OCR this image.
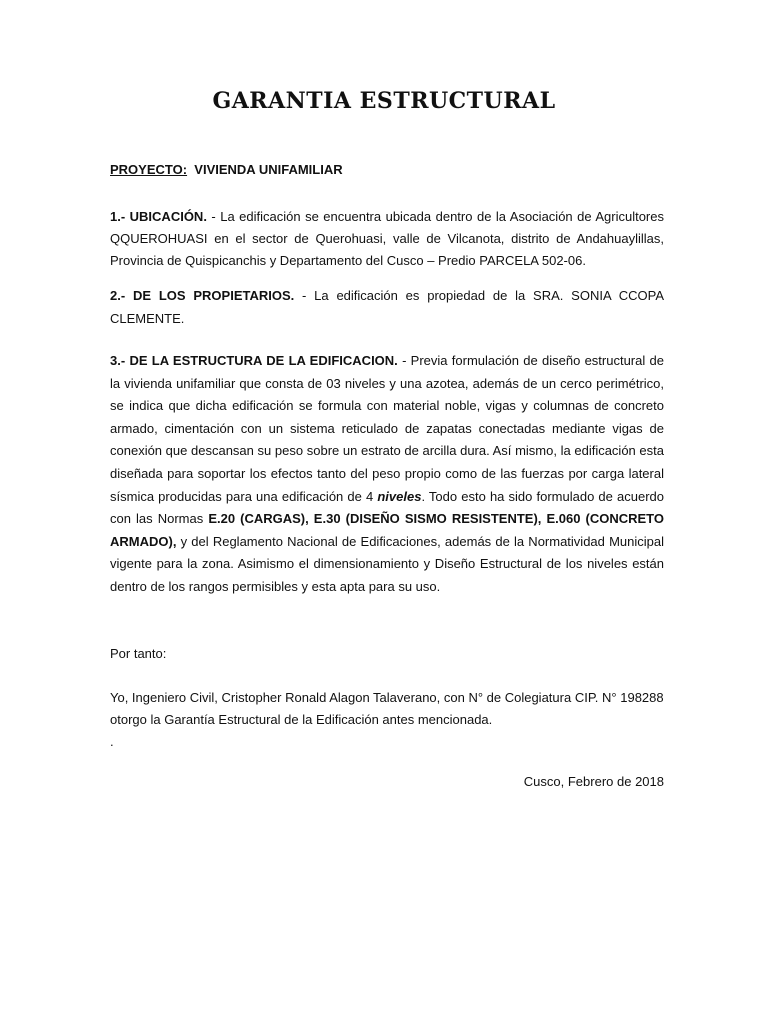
GARANTIA ESTRUCTURAL
PROYECTO: VIVIENDA UNIFAMILIAR
1.- UBICACIÓN. - La edificación se encuentra ubicada dentro de la Asociación de Agricultores QQUEROHUASI en el sector de Querohuasi, valle de Vilcanota, distrito de Andahuaylillas, Provincia de Quispicanchis y Departamento del Cusco – Predio PARCELA 502-06.
2.- DE LOS PROPIETARIOS. - La edificación es propiedad de la SRA. SONIA CCOPA CLEMENTE.
3.- DE LA ESTRUCTURA DE LA EDIFICACION. - Previa formulación de diseño estructural de la vivienda unifamiliar que consta de 03 niveles y una azotea, además de un cerco perimétrico, se indica que dicha edificación se formula con material noble, vigas y columnas de concreto armado, cimentación con un sistema reticulado de zapatas conectadas mediante vigas de conexión que descansan su peso sobre un estrato de arcilla dura. Así mismo, la edificación esta diseñada para soportar los efectos tanto del peso propio como de las fuerzas por carga lateral sísmica producidas para una edificación de 4 niveles. Todo esto ha sido formulado de acuerdo con las Normas E.20 (CARGAS), E.30 (DISEÑO SISMO RESISTENTE), E.060 (CONCRETO ARMADO), y del Reglamento Nacional de Edificaciones, además de la Normatividad Municipal vigente para la zona. Asimismo el dimensionamiento y Diseño Estructural de los niveles están dentro de los rangos permisibles y esta apta para su uso.
Por tanto:
Yo, Ingeniero Civil, Cristopher Ronald Alagon Talaverano, con N° de Colegiatura CIP. N° 198288 otorgo la Garantía Estructural de la Edificación antes mencionada.
.
Cusco, Febrero de 2018
